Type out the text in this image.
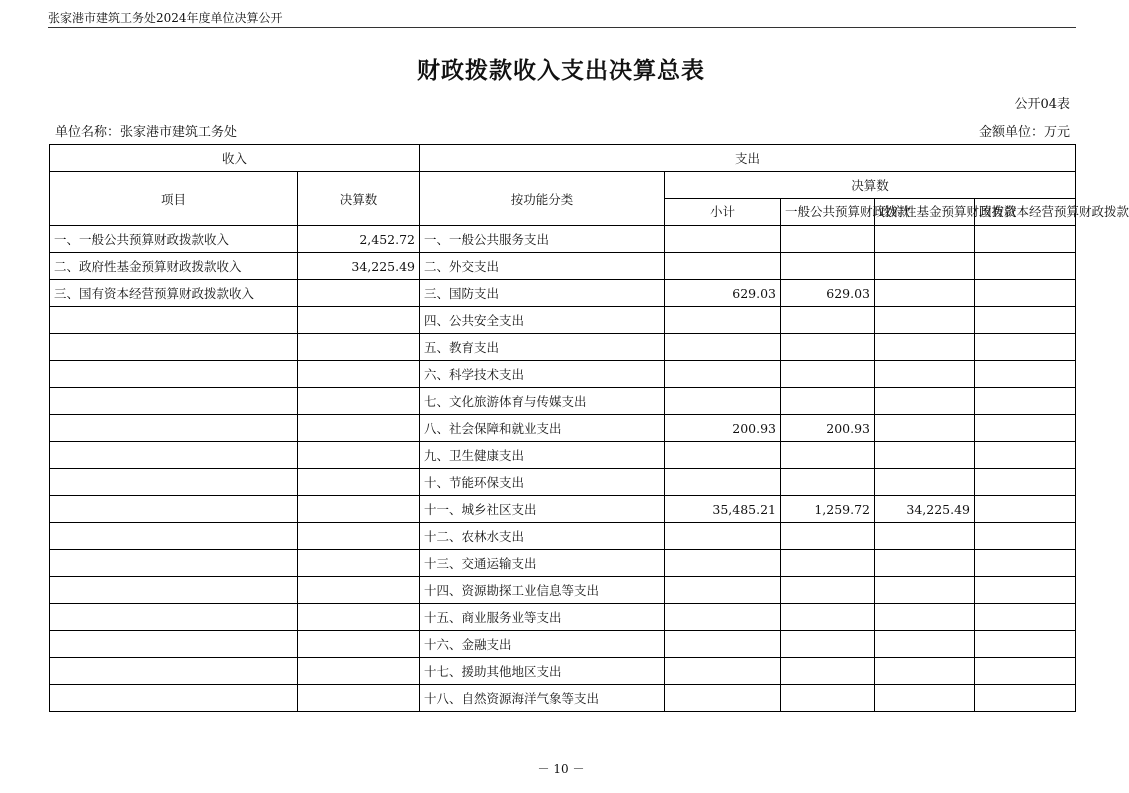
张家港市建筑工务处2024年度单位决算公开
财政拨款收入支出决算总表
公开04表
单位名称：张家港市建筑工务处	金额单位：万元
收入		支出				
项目	决算数	按功能分类	决算数			
			小计	一般公共预算财政拨款	政府性基金预算财政拨款	国有资本经营预算财政拨款
一、一般公共预算财政拨款收入	2,452.72	一、一般公共服务支出				
二、政府性基金预算财政拨款收入	34,225.49	二、外交支出				
三、国有资本经营预算财政拨款收入		三、国防支出	629.03	629.03		
		四、公共安全支出				
		五、教育支出				
		六、科学技术支出				
		七、文化旅游体育与传媒支出				
		八、社会保障和就业支出	200.93	200.93		
		九、卫生健康支出				
		十、节能环保支出				
		十一、城乡社区支出	35,485.21	1,259.72	34,225.49	
		十二、农林水支出				
		十三、交通运输支出				
		十四、资源勘探工业信息等支出				
		十五、商业服务业等支出				
		十六、金融支出				
		十七、援助其他地区支出				
		十八、自然资源海洋气象等支出				
－ 10 －
